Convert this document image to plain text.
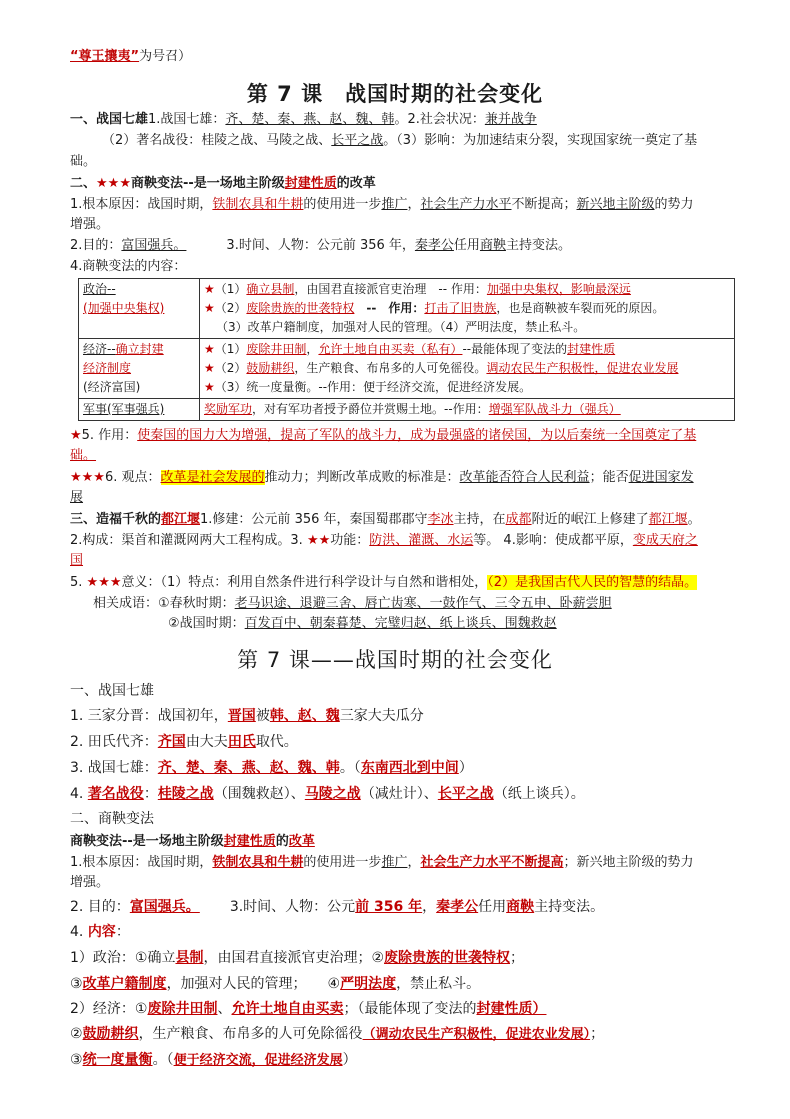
“尊王攘夷”为号召）
第 7 课　战国时期的社会变化
一、战国七雄1.战国七雄：齐、楚、秦、燕、赵、魏、韩。2.社会状况：兼并战争
（2）著名战役：桂陵之战、马陵之战、长平之战。（3）影响：为加速结束分裂，实现国家统一奠定了基
础。
二、★★★商鞅变法--是一场地主阶级封建性质的改革
1.根本原因：战国时期，铁制农具和牛耕的使用进一步推广，社会生产力水平不断提高；新兴地主阶级的势力
增强。
2.目的：富国强兵。	3.时间、人物：公元前 356 年，秦孝公任用商鞅主持变法。
4.商鞅变法的内容：
政治--
(加强中央集权)	★（1）确立县制，由国君直接派官吏治理　-- 作用：加强中央集权，影响最深远
★（2）废除贵族的世袭特权　--　作用：打击了旧贵族，也是商鞅被车裂而死的原因。
（3）改革户籍制度，加强对人民的管理。（4）严明法度，禁止私斗。
经济--确立封建
经济制度
(经济富国)	★（1）废除井田制，允许土地自由买卖（私有）--最能体现了变法的封建性质
★（2）鼓励耕织，生产粮食、布帛多的人可免徭役。调动农民生产积极性，促进农业发展
★（3）统一度量衡。--作用：便于经济交流，促进经济发展。
军事(军事强兵)	奖励军功，对有军功者授予爵位并赏赐土地。--作用：增强军队战斗力（强兵）
★5. 作用：使秦国的国力大为增强，提高了军队的战斗力，成为最强盛的诸侯国，为以后秦统一全国奠定了基
础。
★★★6. 观点：改革是社会发展的推动力；判断改革成败的标准是：改革能否符合人民利益；能否促进国家发
展
三、造福千秋的都江堰1.修建：公元前 356 年，秦国蜀郡郡守李冰主持，在成都附近的岷江上修建了都江堰。
2.构成：渠首和灌溉网两大工程构成。3. ★★功能：防洪、灌溉、水运等。 4.影响：使成都平原，变成天府之
国
5. ★★★意义：（1）特点：利用自然条件进行科学设计与自然和谐相处，（2）是我国古代人民的智慧的结晶。
相关成语：①春秋时期：老马识途、退避三舍、唇亡齿寒、一鼓作气、三令五申、卧薪尝胆
②战国时期：百发百中、朝秦暮楚、完璧归赵、纸上谈兵、围魏救赵
第 7 课——战国时期的社会变化
一、战国七雄
1. 三家分晋：战国初年，晋国被韩、赵、魏三家大夫瓜分
2. 田氏代齐：齐国由大夫田氏取代。
3. 战国七雄：齐、楚、秦、燕、赵、魏、韩。（东南西北到中间）
4. 著名战役：桂陵之战（围魏救赵）、马陵之战（减灶计）、长平之战（纸上谈兵）。
二、商鞅变法
商鞅变法--是一场地主阶级封建性质的改革
1.根本原因：战国时期，铁制农具和牛耕的使用进一步推广，社会生产力水平不断提高；新兴地主阶级的势力
增强。
2. 目的：富国强兵。 3.时间、人物：公元前 356 年，秦孝公任用商鞅主持变法。
4. 内容：
1）政治：①确立县制，由国君直接派官吏治理；②废除贵族的世袭特权；
③改革户籍制度，加强对人民的管理；　　④严明法度，禁止私斗。
2）经济：①废除井田制、允许土地自由买卖；（最能体现了变法的封建性质）
②鼓励耕织，生产粮食、布帛多的人可免除徭役（调动农民生产积极性，促进农业发展）；
③统一度量衡。（便于经济交流，促进经济发展）
